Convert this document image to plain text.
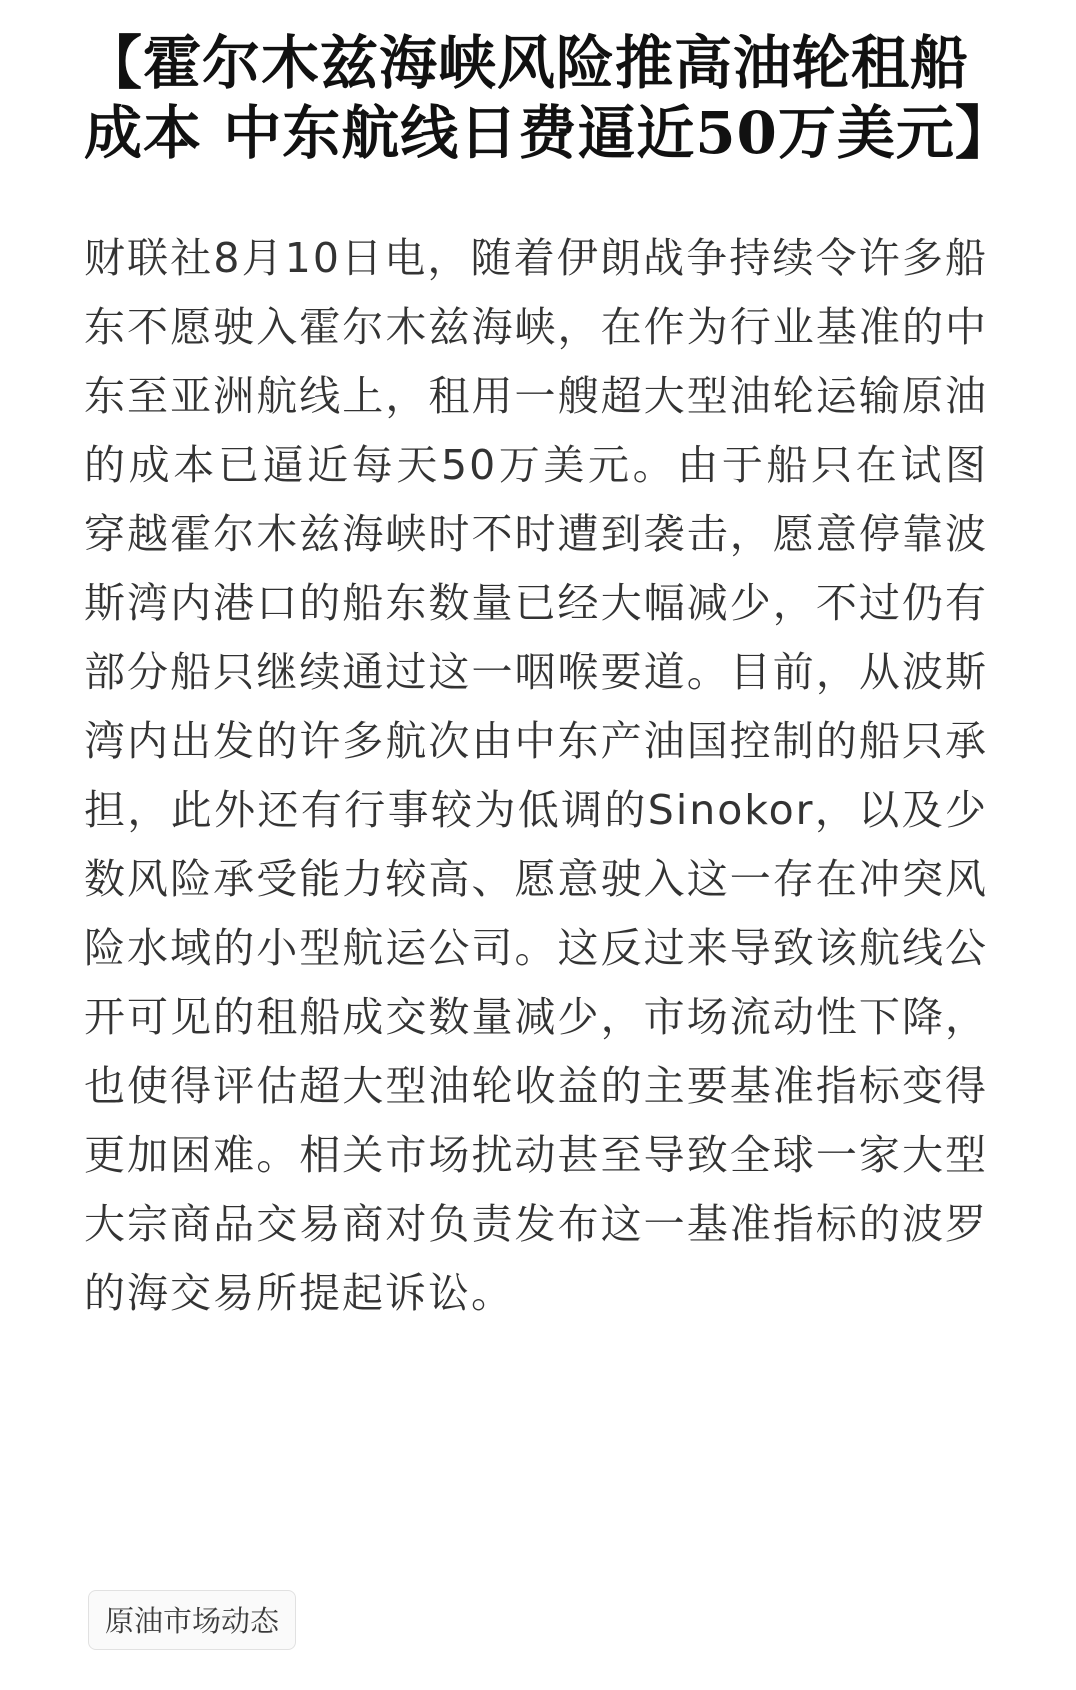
【霍尔木兹海峡风险推高油轮租船成本 中东航线日费逼近50万美元】

财联社8月10日电，随着伊朗战争持续令许多船东不愿驶入霍尔木兹海峡，在作为行业基准的中东至亚洲航线上，租用一艘超大型油轮运输原油的成本已逼近每天50万美元。由于船只在试图穿越霍尔木兹海峡时不时遭到袭击，愿意停靠波斯湾内港口的船东数量已经大幅减少，不过仍有部分船只继续通过这一咽喉要道。目前，从波斯湾内出发的许多航次由中东产油国控制的船只承担，此外还有行事较为低调的Sinokor，以及少数风险承受能力较高、愿意驶入这一存在冲突风险水域的小型航运公司。这反过来导致该航线公开可见的租船成交数量减少，市场流动性下降，也使得评估超大型油轮收益的主要基准指标变得更加困难。相关市场扰动甚至导致全球一家大型大宗商品交易商对负责发布这一基准指标的波罗的海交易所提起诉讼。

原油市场动态
